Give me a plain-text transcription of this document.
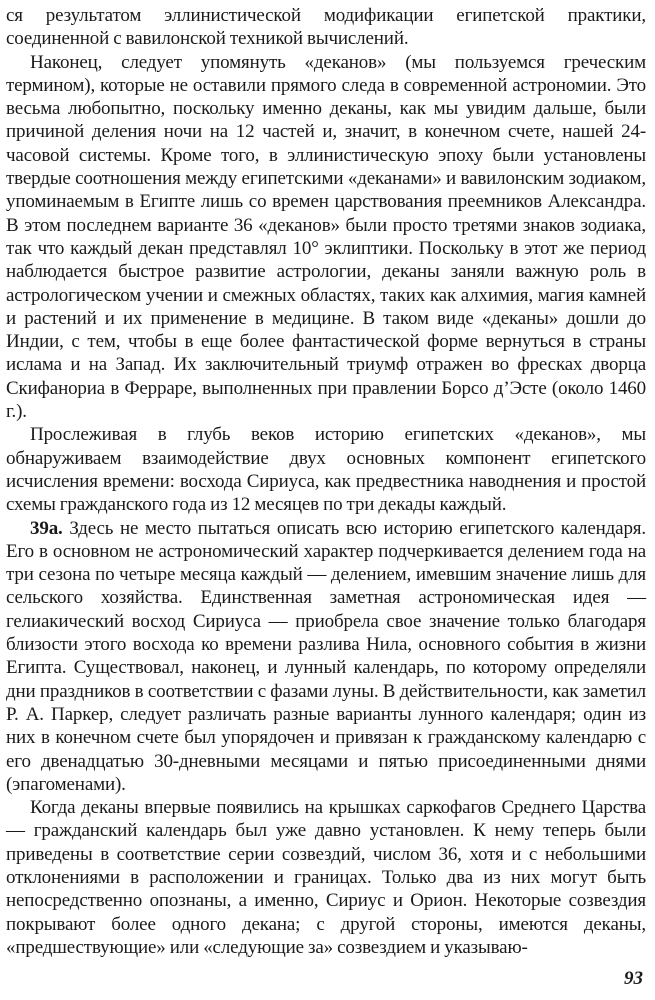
ся результатом эллинистической модификации египетской практики, соединенной с вавилонской техникой вычислений.

Наконец, следует упомянуть «деканов» (мы пользуемся греческим термином), которые не оставили прямого следа в современной астрономии. Это весьма любопытно, поскольку именно деканы, как мы увидим дальше, были причиной деления ночи на 12 частей и, значит, в конечном счете, нашей 24-часовой системы. Кроме того, в эллинистическую эпоху были установлены твердые соотношения между египетскими «деканами» и вавилонским зодиаком, упоминаемым в Египте лишь со времен царствования преемников Александра. В этом последнем варианте 36 «деканов» были просто третями знаков зодиака, так что каждый декан представлял 10° эклиптики. Поскольку в этот же период наблюдается быстрое развитие астрологии, деканы заняли важную роль в астрологическом учении и смежных областях, таких как алхимия, магия камней и растений и их применение в медицине. В таком виде «деканы» дошли до Индии, с тем, чтобы в еще более фантастической форме вернуться в страны ислама и на Запад. Их заключительный триумф отражен во фресках дворца Скифанориа в Ферраре, выполненных при правлении Борсо д’Эсте (около 1460 г.).

Прослеживая в глубь веков историю египетских «деканов», мы обнаруживаем взаимодействие двух основных компонент египетского исчисления времени: восхода Сириуса, как предвестника наводнения и простой схемы гражданского года из 12 месяцев по три декады каждый.

39a. Здесь не место пытаться описать всю историю египетского календаря. Его в основном не астрономический характер подчеркивается делением года на три сезона по четыре месяца каждый — делением, имевшим значение лишь для сельского хозяйства. Единственная заметная астрономическая идея — гелиакический восход Сириуса — приобрела свое значение только благодаря близости этого восхода ко времени разлива Нила, основного события в жизни Египта. Существовал, наконец, и лунный календарь, по которому определяли дни праздников в соответствии с фазами луны. В действительности, как заметил Р. А. Паркер, следует различать разные варианты лунного календаря; один из них в конечном счете был упорядочен и привязан к гражданскому календарю с его двенадцатью 30-дневными месяцами и пятью присоединенными днями (эпагоменами).

Когда деканы впервые появились на крышках саркофагов Среднего Царства — гражданский календарь был уже давно установлен. К нему теперь были приведены в соответствие серии созвездий, числом 36, хотя и с небольшими отклонениями в расположении и границах. Только два из них могут быть непосредственно опознаны, а именно, Сириус и Орион. Некоторые созвездия покрывают более одного декана; с другой стороны, имеются деканы, «предшествующие» или «следующие за» созвездием и указываю-

93
